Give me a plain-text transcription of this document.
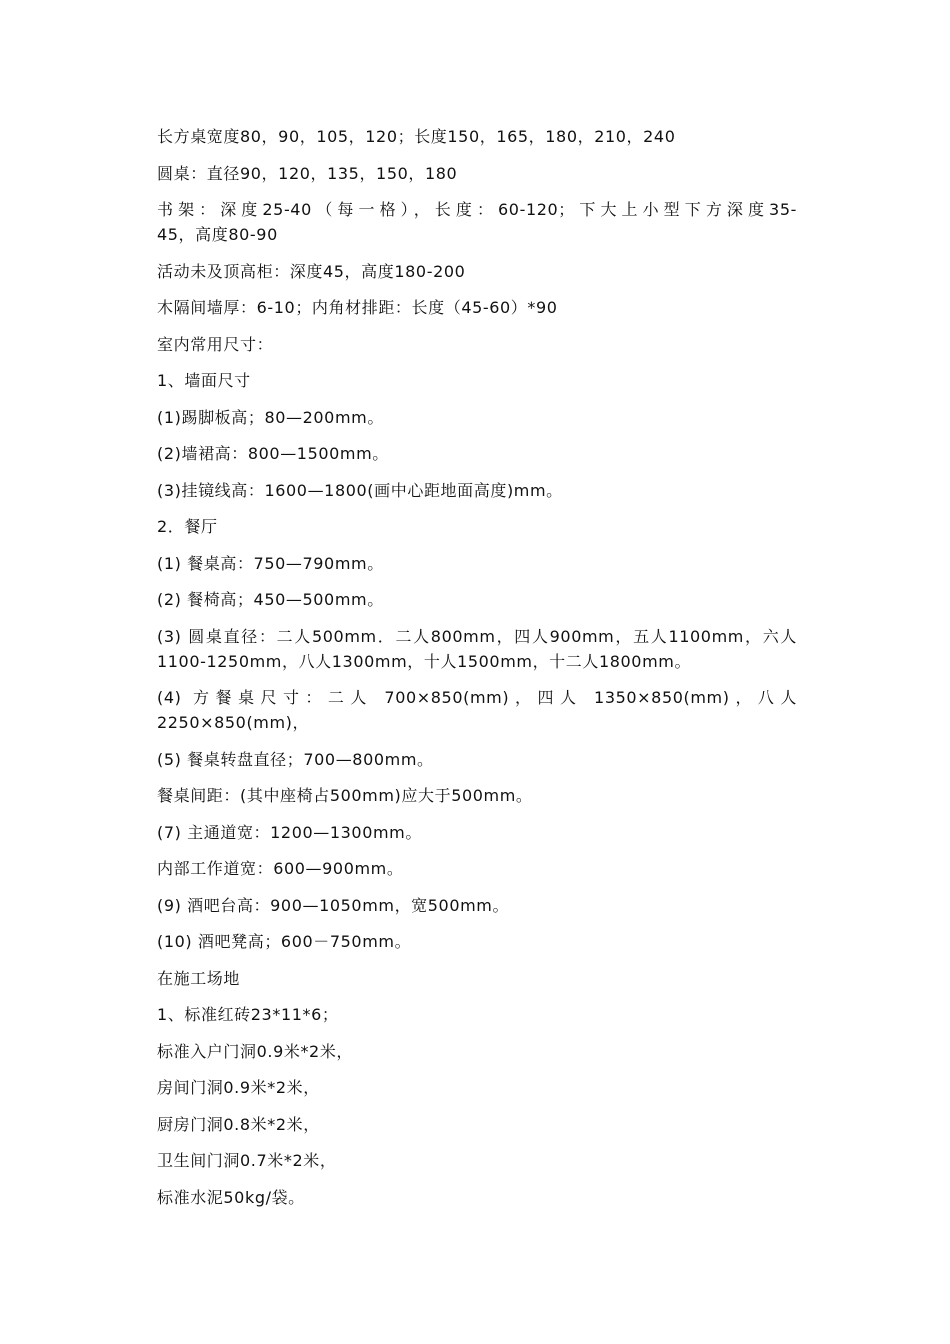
长方桌宽度80，90，105，120；长度150，165，180，210，240

圆桌：直径90，120，135，150，180

书架：深度25-40（每一格），长度：60-120；下大上小型下方深度35-
45，高度80-90

活动未及顶高柜：深度45，高度180-200

木隔间墙厚：6-10；内角材排距：长度（45-60）*90

室内常用尺寸：

1、墙面尺寸

(1)踢脚板高；80—200mm。

(2)墙裙高：800—1500mm。

(3)挂镜线高：1600—1800(画中心距地面高度)mm。

2．餐厅

(1) 餐桌高：750—790mm。

(2) 餐椅高；450—500mm。

(3) 圆桌直径：二人500mm．二人800mm，四人900mm，五人1100mm，六人
1100-1250mm，八人1300mm，十人1500mm，十二人1800mm。
(4) 方餐桌尺寸：二人 700×850(mm)，四人 1350×850(mm)，八人
2250×850(mm)，

(5) 餐桌转盘直径；700—800mm。

餐桌间距：(其中座椅占500mm)应大于500mm。

(7) 主通道宽：1200—1300mm。

内部工作道宽：600—900mm。

(9) 酒吧台高：900—1050mm，宽500mm。

(10) 酒吧凳高；600－750mm。

在施工场地

1、标准红砖23*11*6；

标准入户门洞0.9米*2米，

房间门洞0.9米*2米，

厨房门洞0.8米*2米，

卫生间门洞0.7米*2米，

标准水泥50kg/袋。
